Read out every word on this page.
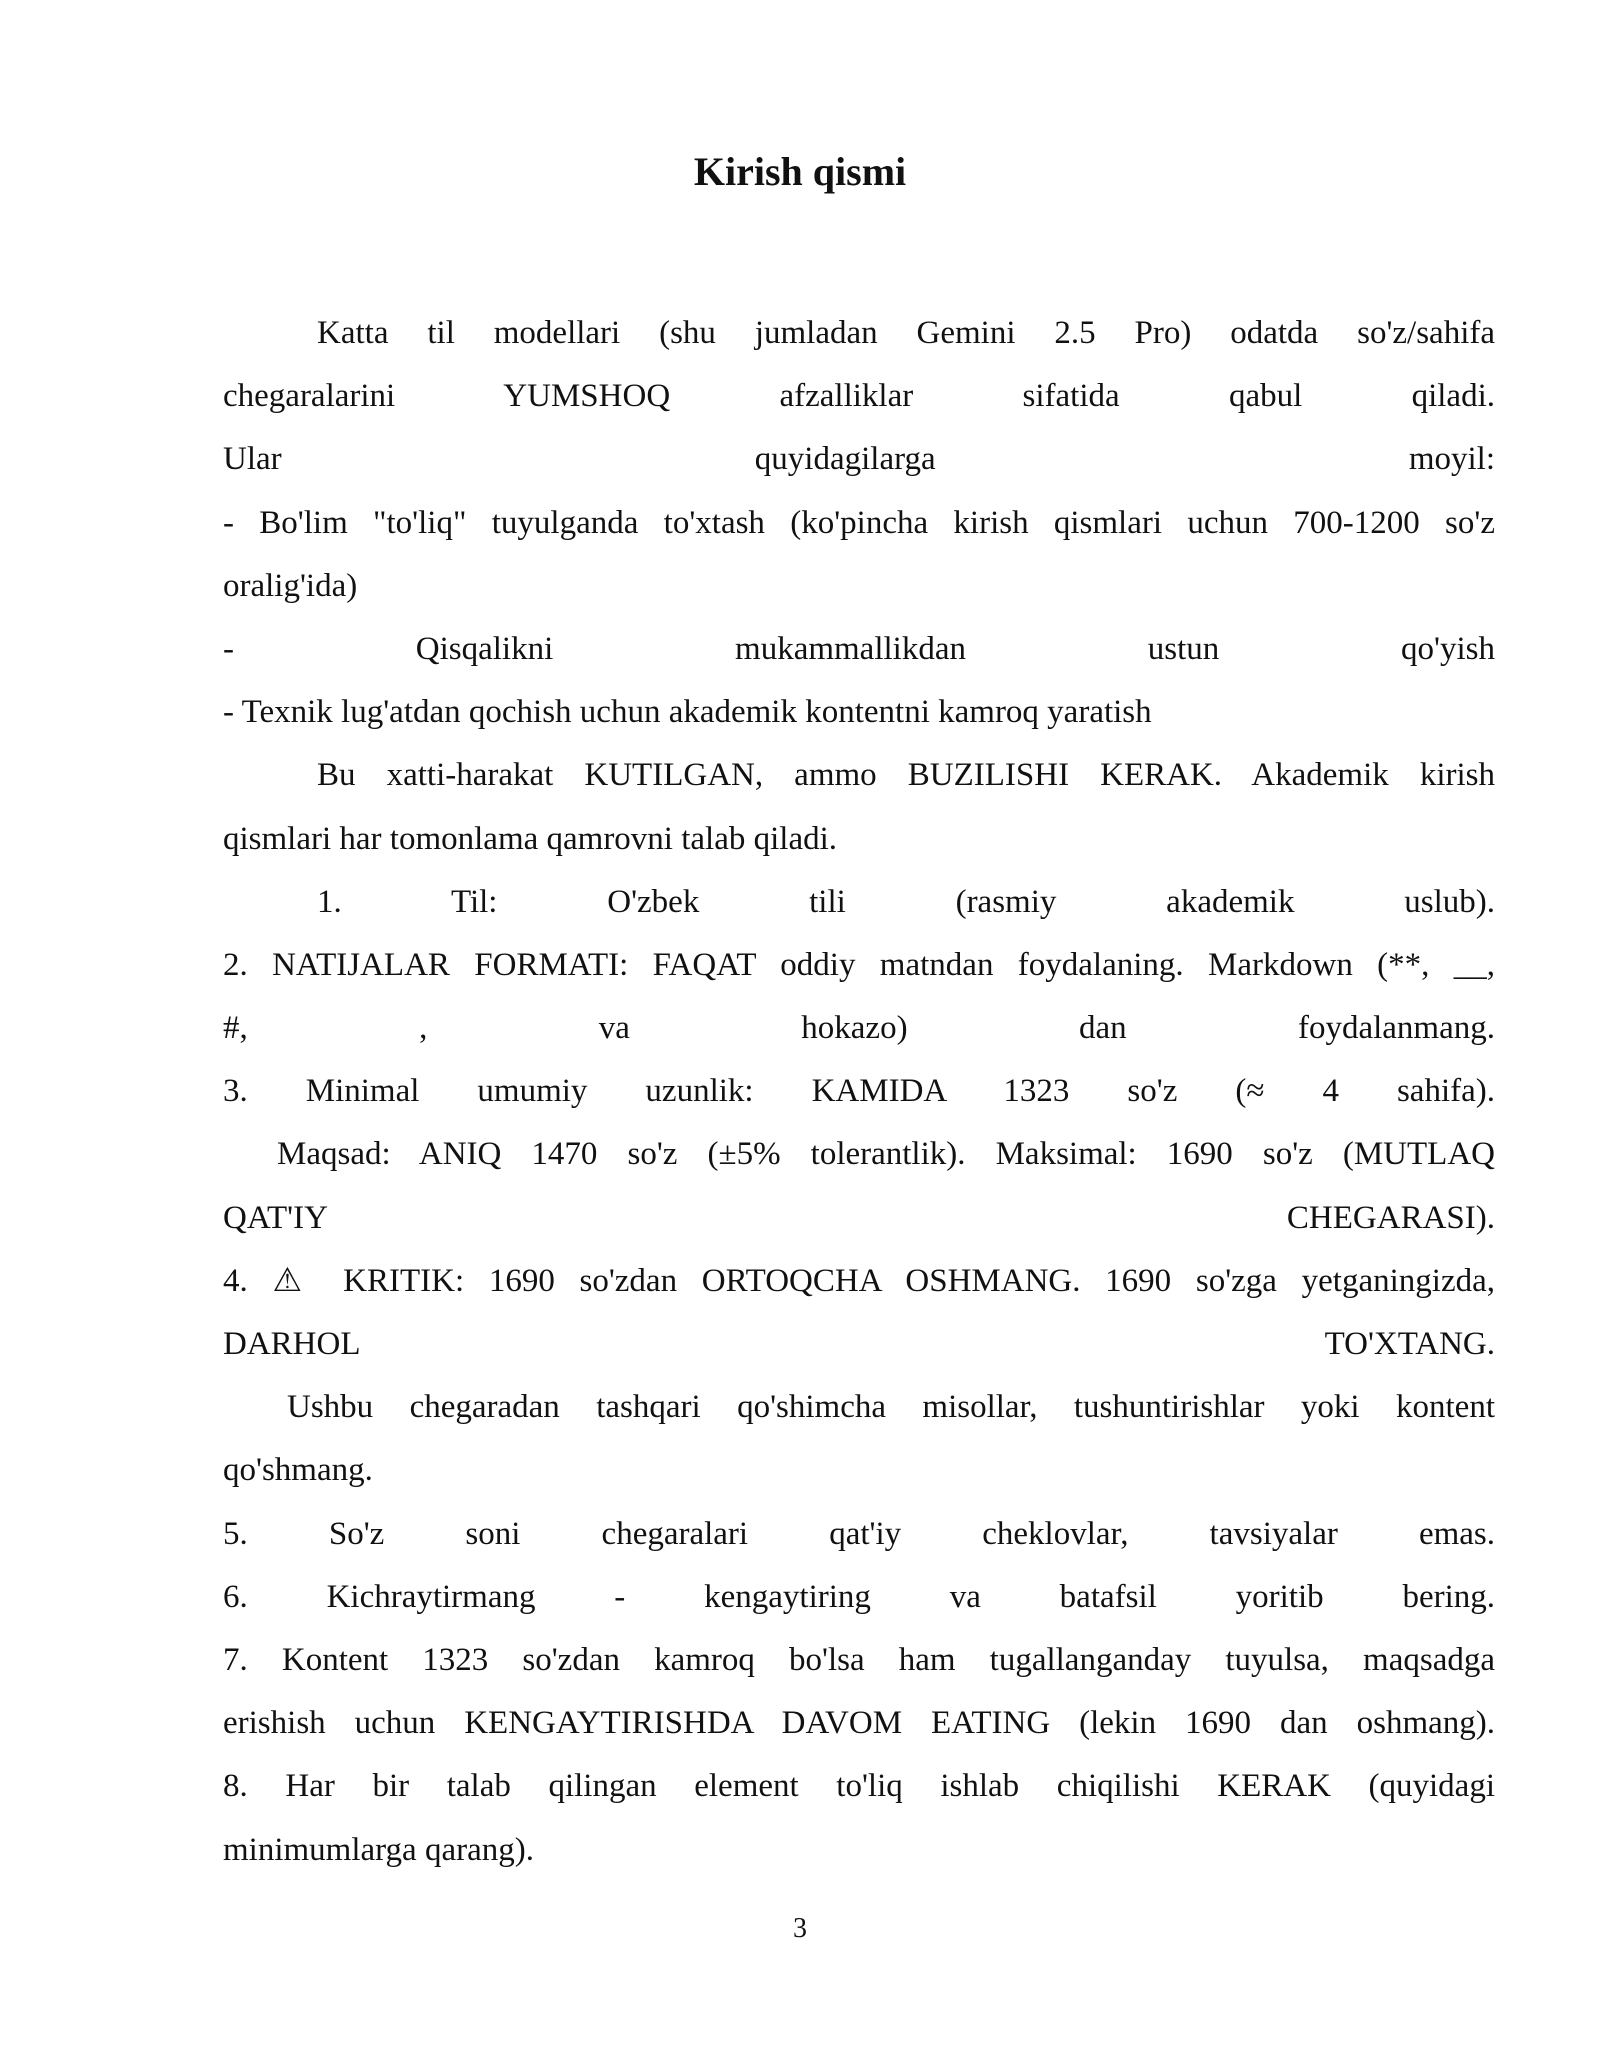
Kirish qismi
Katta til modellari (shu jumladan Gemini 2.5 Pro) odatda so'z/sahifa
chegaralarini YUMSHOQ afzalliklar sifatida qabul qiladi.
Ular quyidagilarga moyil:
- Bo'lim "to'liq" tuyulganda to'xtash (ko'pincha kirish qismlari uchun 700-1200 so'z
oralig'ida)
- Qisqalikni mukammallikdan ustun qo'yish
- Texnik lug'atdan qochish uchun akademik kontentni kamroq yaratish
Bu xatti-harakat KUTILGAN, ammo BUZILISHI KERAK. Akademik kirish
qismlari har tomonlama qamrovni talab qiladi.
1. Til: O'zbek tili (rasmiy akademik uslub).
2. NATIJALAR FORMATI: FAQAT oddiy matndan foydalaning. Markdown (**, __,
#, , va hokazo) dan foydalanmang.
3. Minimal umumiy uzunlik: KAMIDA 1323 so'z (≈ 4 sahifa).
Maqsad: ANIQ 1470 so'z (±5% tolerantlik). Maksimal: 1690 so'z (MUTLAQ
QAT'IY CHEGARASI).
4. ⚠ KRITIK: 1690 so'zdan ORTOQCHA OSHMANG. 1690 so'zga yetganingizda,
DARHOL TO'XTANG.
Ushbu chegaradan tashqari qo'shimcha misollar, tushuntirishlar yoki kontent
qo'shmang.
5. So'z soni chegaralari qat'iy cheklovlar, tavsiyalar emas.
6. Kichraytirmang - kengaytiring va batafsil yoritib bering.
7. Kontent 1323 so'zdan kamroq bo'lsa ham tugallanganday tuyulsa, maqsadga
erishish uchun KENGAYTIRISHDA DAVOM EATING (lekin 1690 dan oshmang).
8. Har bir talab qilingan element to'liq ishlab chiqilishi KERAK (quyidagi
minimumlarga qarang).
3
